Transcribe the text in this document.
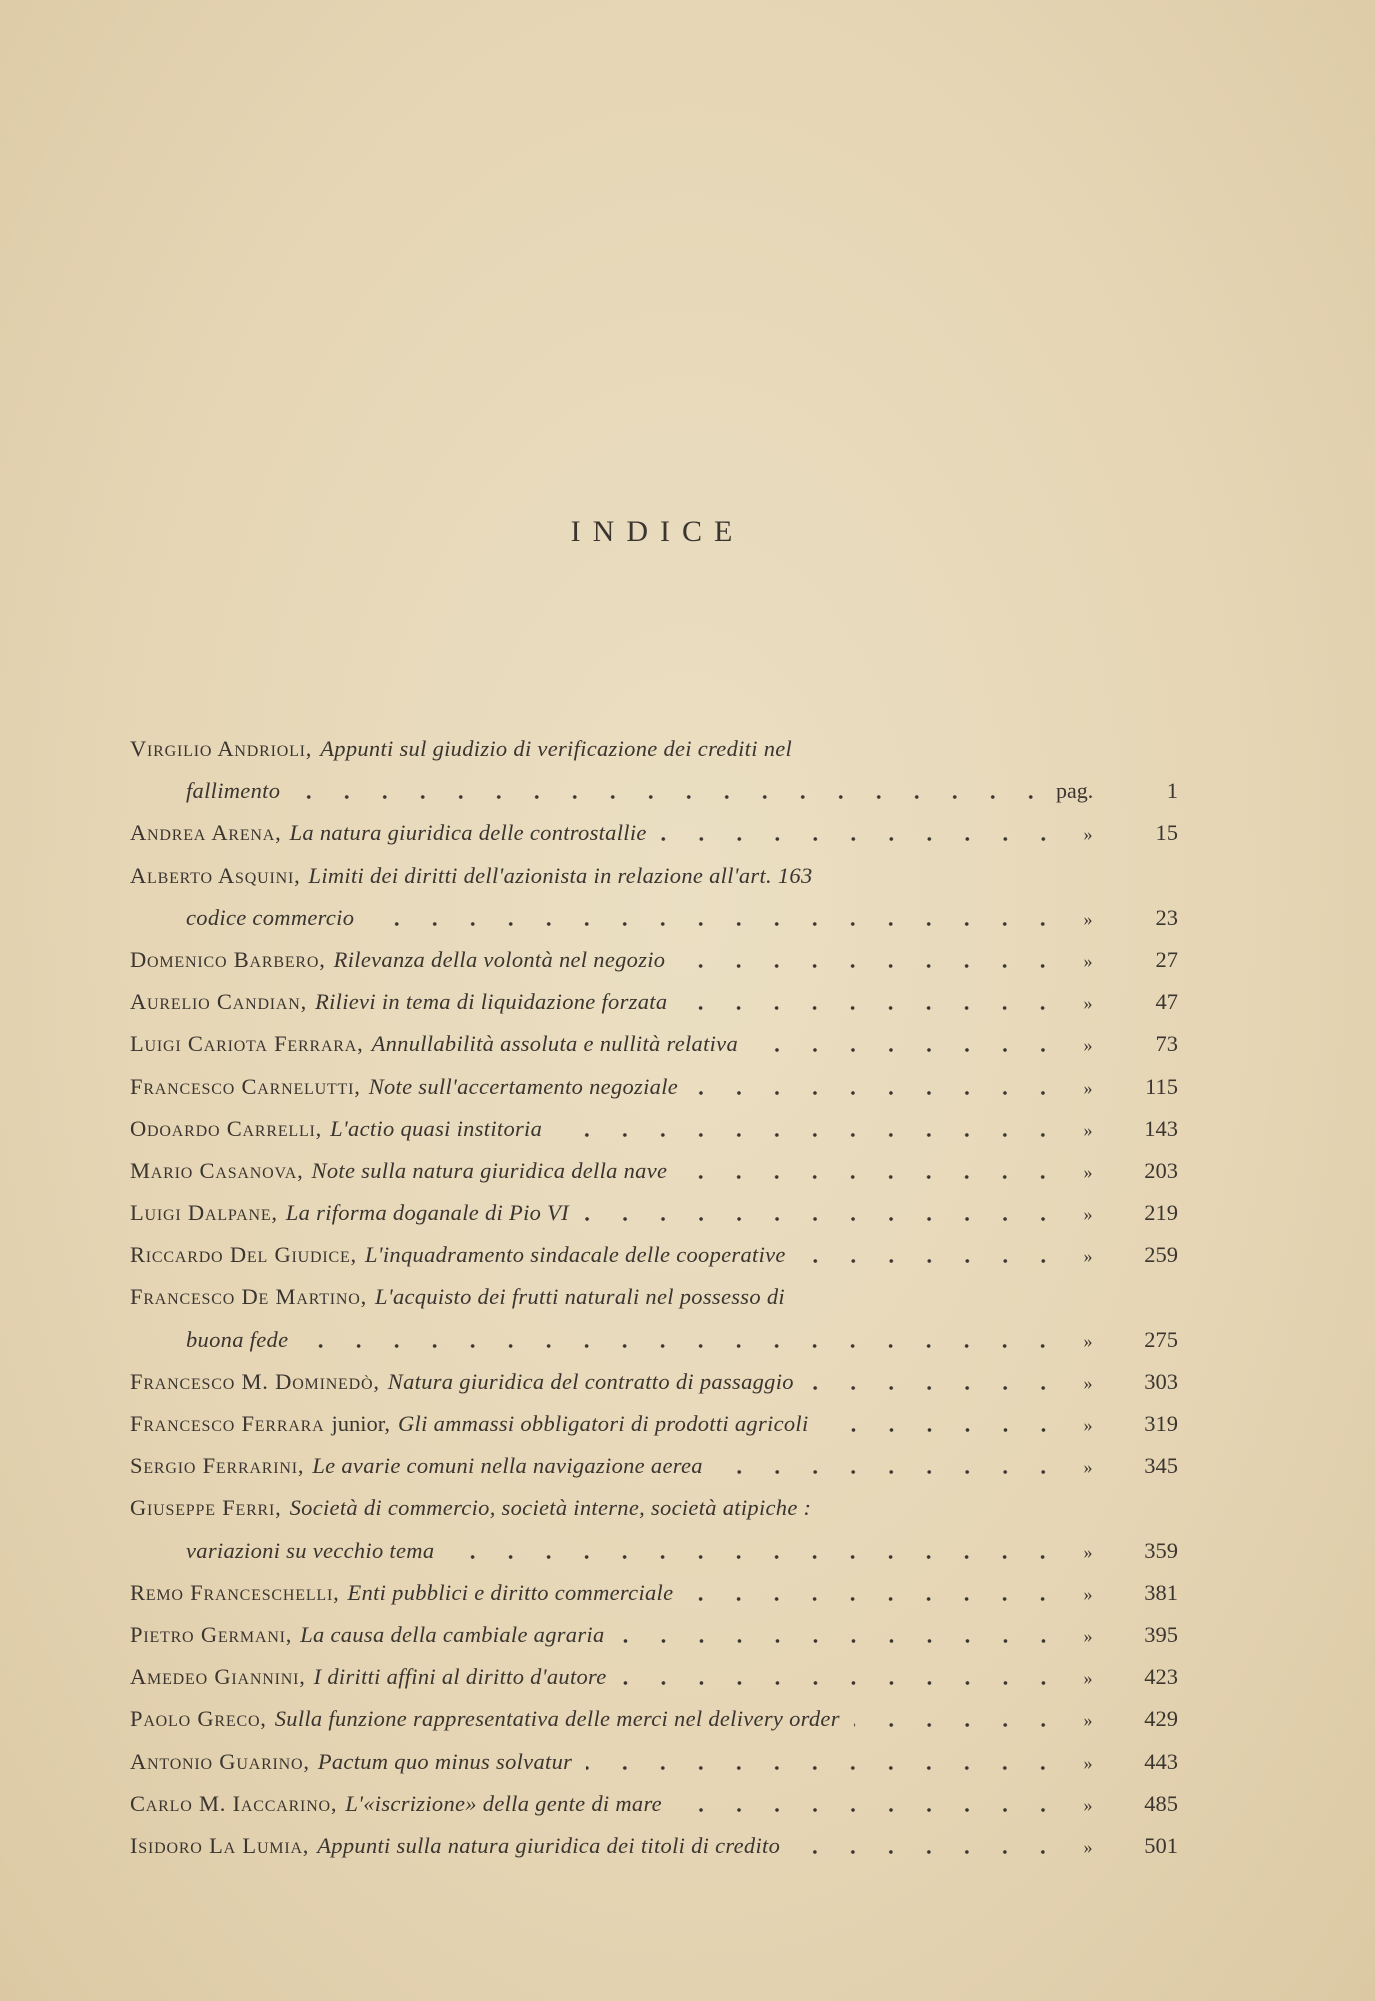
INDICE
Virgilio Andrioli, Appunti sul giudizio di verificazione dei crediti nel
fallimento	pag.	1
Andrea Arena, La natura giuridica delle controstallie	»	15
Alberto Asquini, Limiti dei diritti dell'azionista in relazione all'art. 163
codice commercio	»	23
Domenico Barbero, Rilevanza della volontà nel negozio	»	27
Aurelio Candian, Rilievi in tema di liquidazione forzata	»	47
Luigi Cariota Ferrara, Annullabilità assoluta e nullità relativa	»	73
Francesco Carnelutti, Note sull'accertamento negoziale	»	115
Odoardo Carrelli, L'actio quasi institoria	»	143
Mario Casanova, Note sulla natura giuridica della nave	»	203
Luigi Dalpane, La riforma doganale di Pio VI	»	219
Riccardo Del Giudice, L'inquadramento sindacale delle cooperative	»	259
Francesco De Martino, L'acquisto dei frutti naturali nel possesso di
buona fede	»	275
Francesco M. Dominedò, Natura giuridica del contratto di passaggio	»	303
Francesco Ferrara junior, Gli ammassi obbligatori di prodotti agricoli	»	319
Sergio Ferrarini, Le avarie comuni nella navigazione aerea	»	345
Giuseppe Ferri, Società di commercio, società interne, società atipiche :
variazioni su vecchio tema	»	359
Remo Franceschelli, Enti pubblici e diritto commerciale	»	381
Pietro Germani, La causa della cambiale agraria	»	395
Amedeo Giannini, I diritti affini al diritto d'autore	»	423
Paolo Greco, Sulla funzione rappresentativa delle merci nel delivery order	»	429
Antonio Guarino, Pactum quo minus solvatur	»	443
Carlo M. Iaccarino, L'«iscrizione» della gente di mare	»	485
Isidoro La Lumia, Appunti sulla natura giuridica dei titoli di credito	»	501
